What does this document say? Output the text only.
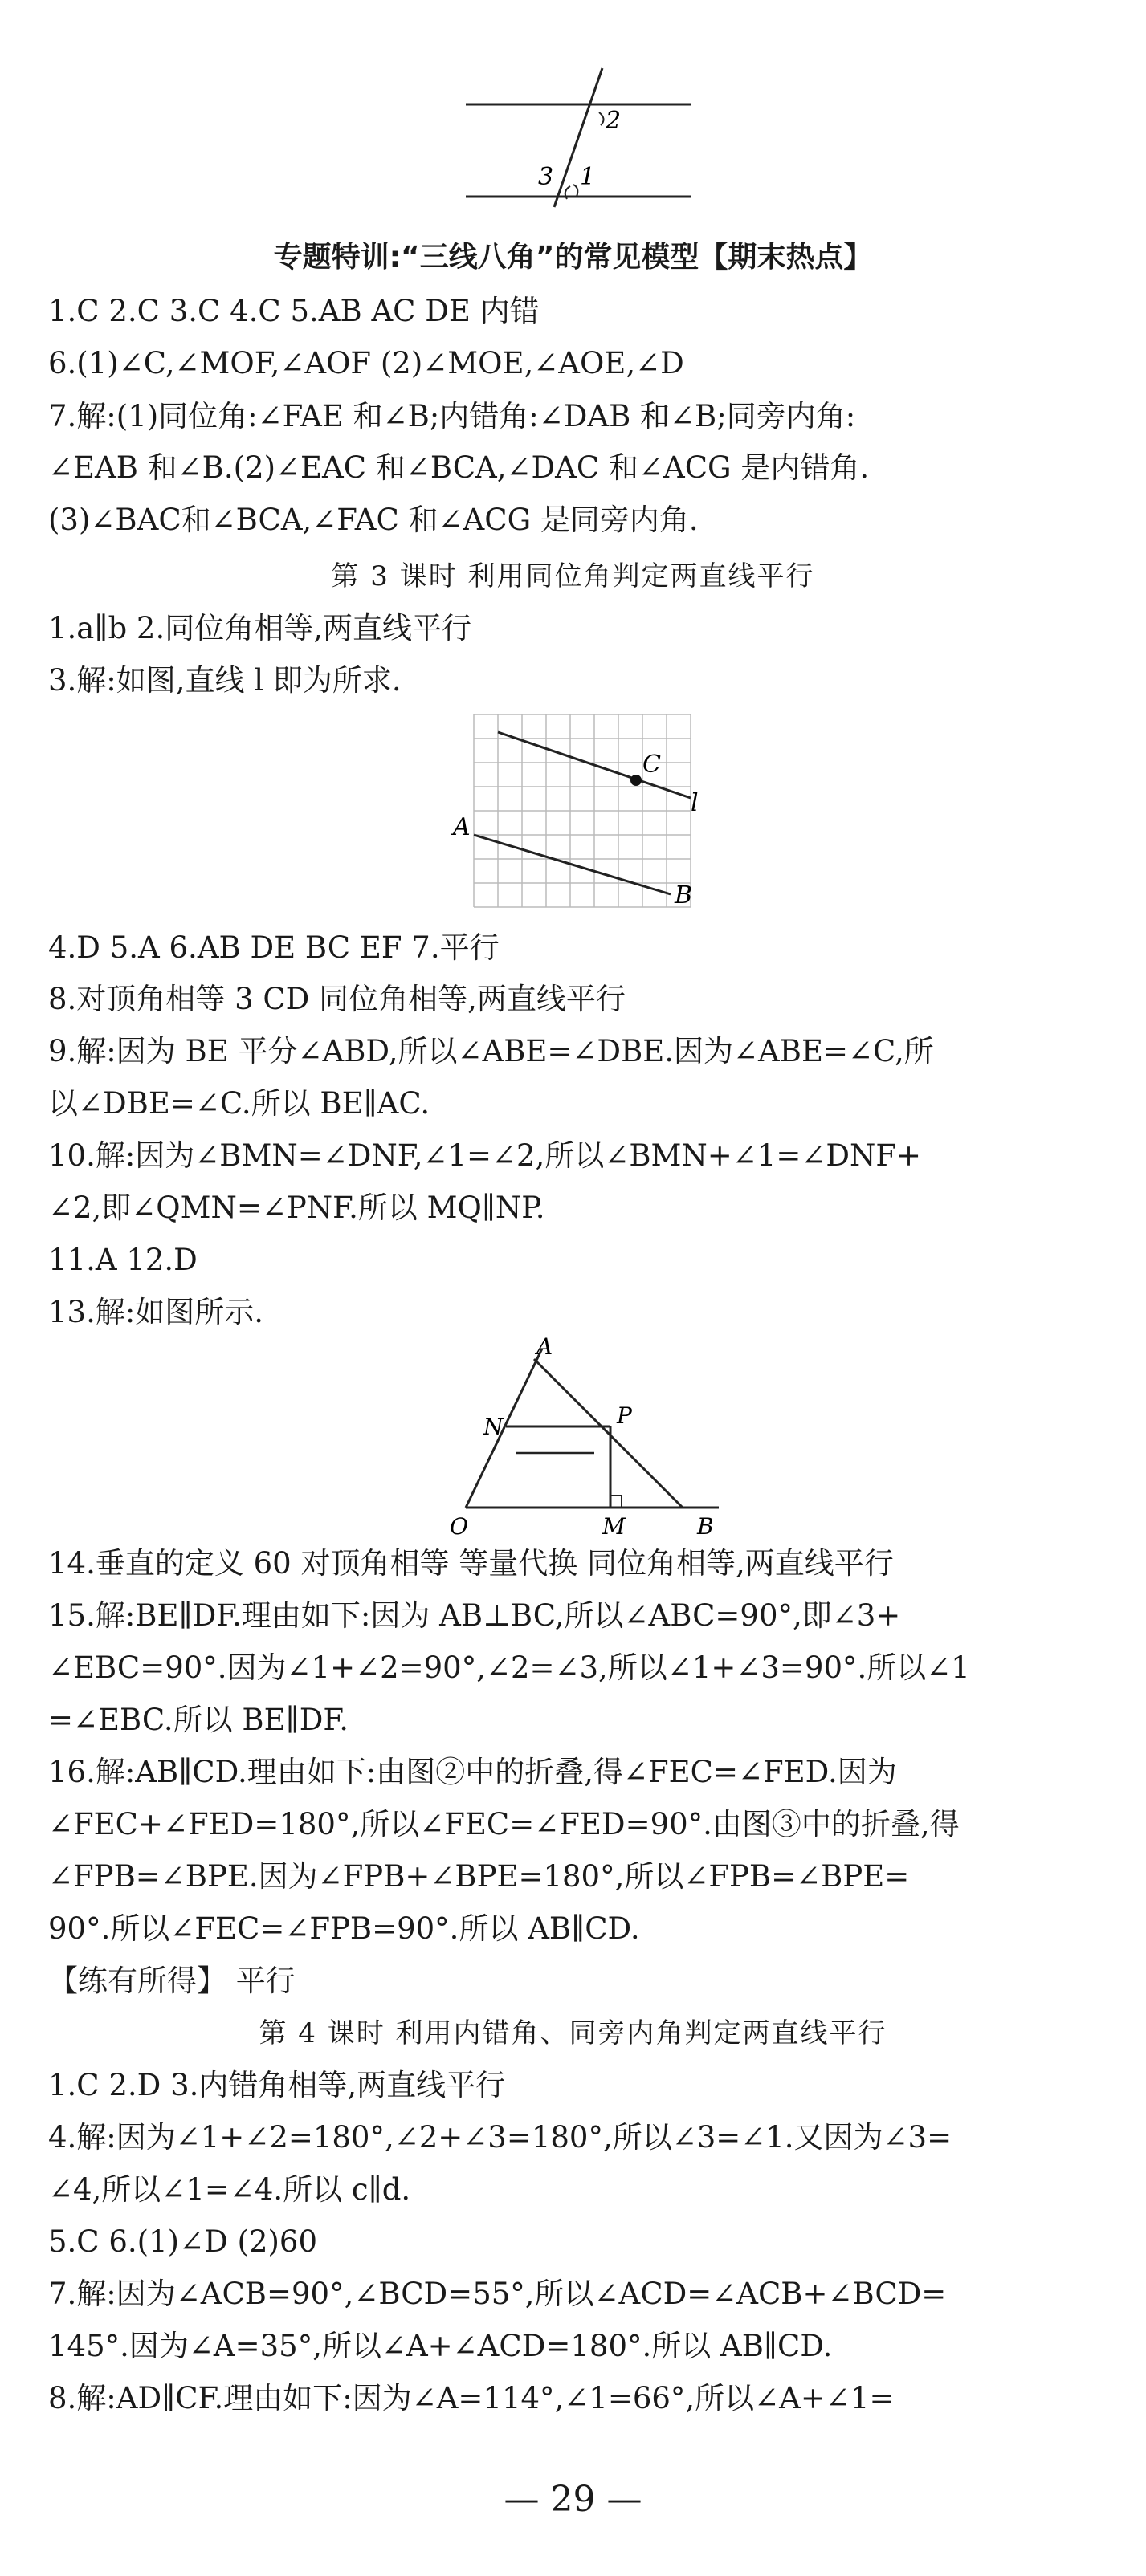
2
3 1
专题特训:“三线八角”的常见模型【期末热点】
1.C 2.C 3.C 4.C 5.AB AC DE 内错
6.(1)∠C,∠MOF,∠AOF (2)∠MOE,∠AOE,∠D
7.解:(1)同位角:∠FAE 和∠B;内错角:∠DAB 和∠B;同旁内角:
∠EAB 和∠B.(2)∠EAC 和∠BCA,∠DAC 和∠ACG 是内错角.
(3)∠BAC和∠BCA,∠FAC 和∠ACG 是同旁内角.
第 3 课时 利用同位角判定两直线平行
1.a∥b 2.同位角相等,两直线平行
3.解:如图,直线 l 即为所求.
C
l
A
B
4.D 5.A 6.AB DE BC EF 7.平行
8.对顶角相等 3 CD 同位角相等,两直线平行
9.解:因为 BE 平分∠ABD,所以∠ABE=∠DBE.因为∠ABE=∠C,所
以∠DBE=∠C.所以 BE∥AC.
10.解:因为∠BMN=∠DNF,∠1=∠2,所以∠BMN+∠1=∠DNF+
∠2,即∠QMN=∠PNF.所以 MQ∥NP.
11.A 12.D
13.解:如图所示.
A
N	P
O	M	B
14.垂直的定义 60 对顶角相等 等量代换 同位角相等,两直线平行
15.解:BE∥DF.理由如下:因为 AB⊥BC,所以∠ABC=90°,即∠3+
∠EBC=90°.因为∠1+∠2=90°,∠2=∠3,所以∠1+∠3=90°.所以∠1
=∠EBC.所以 BE∥DF.
16.解:AB∥CD.理由如下:由图②中的折叠,得∠FEC=∠FED.因为
∠FEC+∠FED=180°,所以∠FEC=∠FED=90°.由图③中的折叠,得
∠FPB=∠BPE.因为∠FPB+∠BPE=180°,所以∠FPB=∠BPE=
90°.所以∠FEC=∠FPB=90°.所以 AB∥CD.
【练有所得】 平行
第 4 课时 利用内错角、同旁内角判定两直线平行
1.C 2.D 3.内错角相等,两直线平行
4.解:因为∠1+∠2=180°,∠2+∠3=180°,所以∠3=∠1.又因为∠3=
∠4,所以∠1=∠4.所以 c∥d.
5.C 6.(1)∠D (2)60
7.解:因为∠ACB=90°,∠BCD=55°,所以∠ACD=∠ACB+∠BCD=
145°.因为∠A=35°,所以∠A+∠ACD=180°.所以 AB∥CD.
8.解:AD∥CF.理由如下:因为∠A=114°,∠1=66°,所以∠A+∠1=
— 29 —
